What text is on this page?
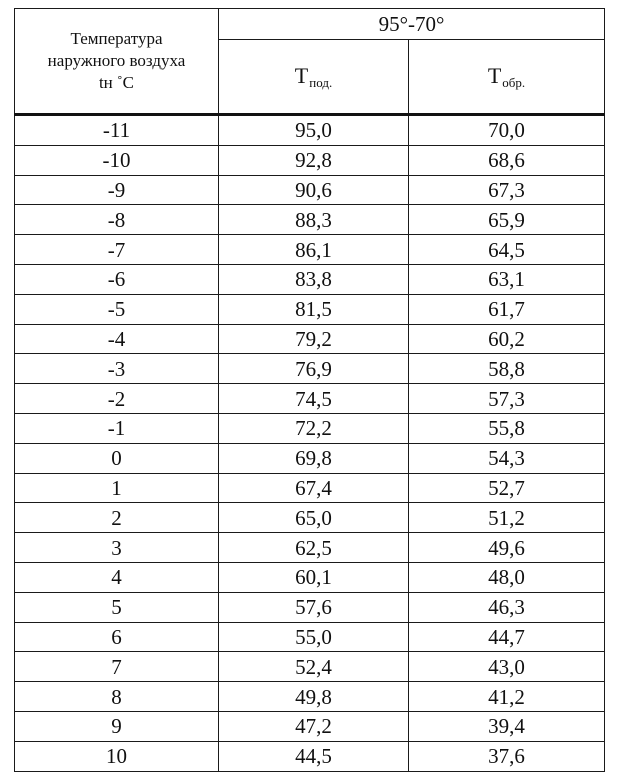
Температура
наружного воздуха
tн ˚С	95°-70°	
	$T_{под.}$	$T_{обр.}$
-11	95,0	70,0
-10	92,8	68,6
-9	90,6	67,3
-8	88,3	65,9
-7	86,1	64,5
-6	83,8	63,1
-5	81,5	61,7
-4	79,2	60,2
-3	76,9	58,8
-2	74,5	57,3
-1	72,2	55,8
0	69,8	54,3
1	67,4	52,7
2	65,0	51,2
3	62,5	49,6
4	60,1	48,0
5	57,6	46,3
6	55,0	44,7
7	52,4	43,0
8	49,8	41,2
9	47,2	39,4
10	44,5	37,6
